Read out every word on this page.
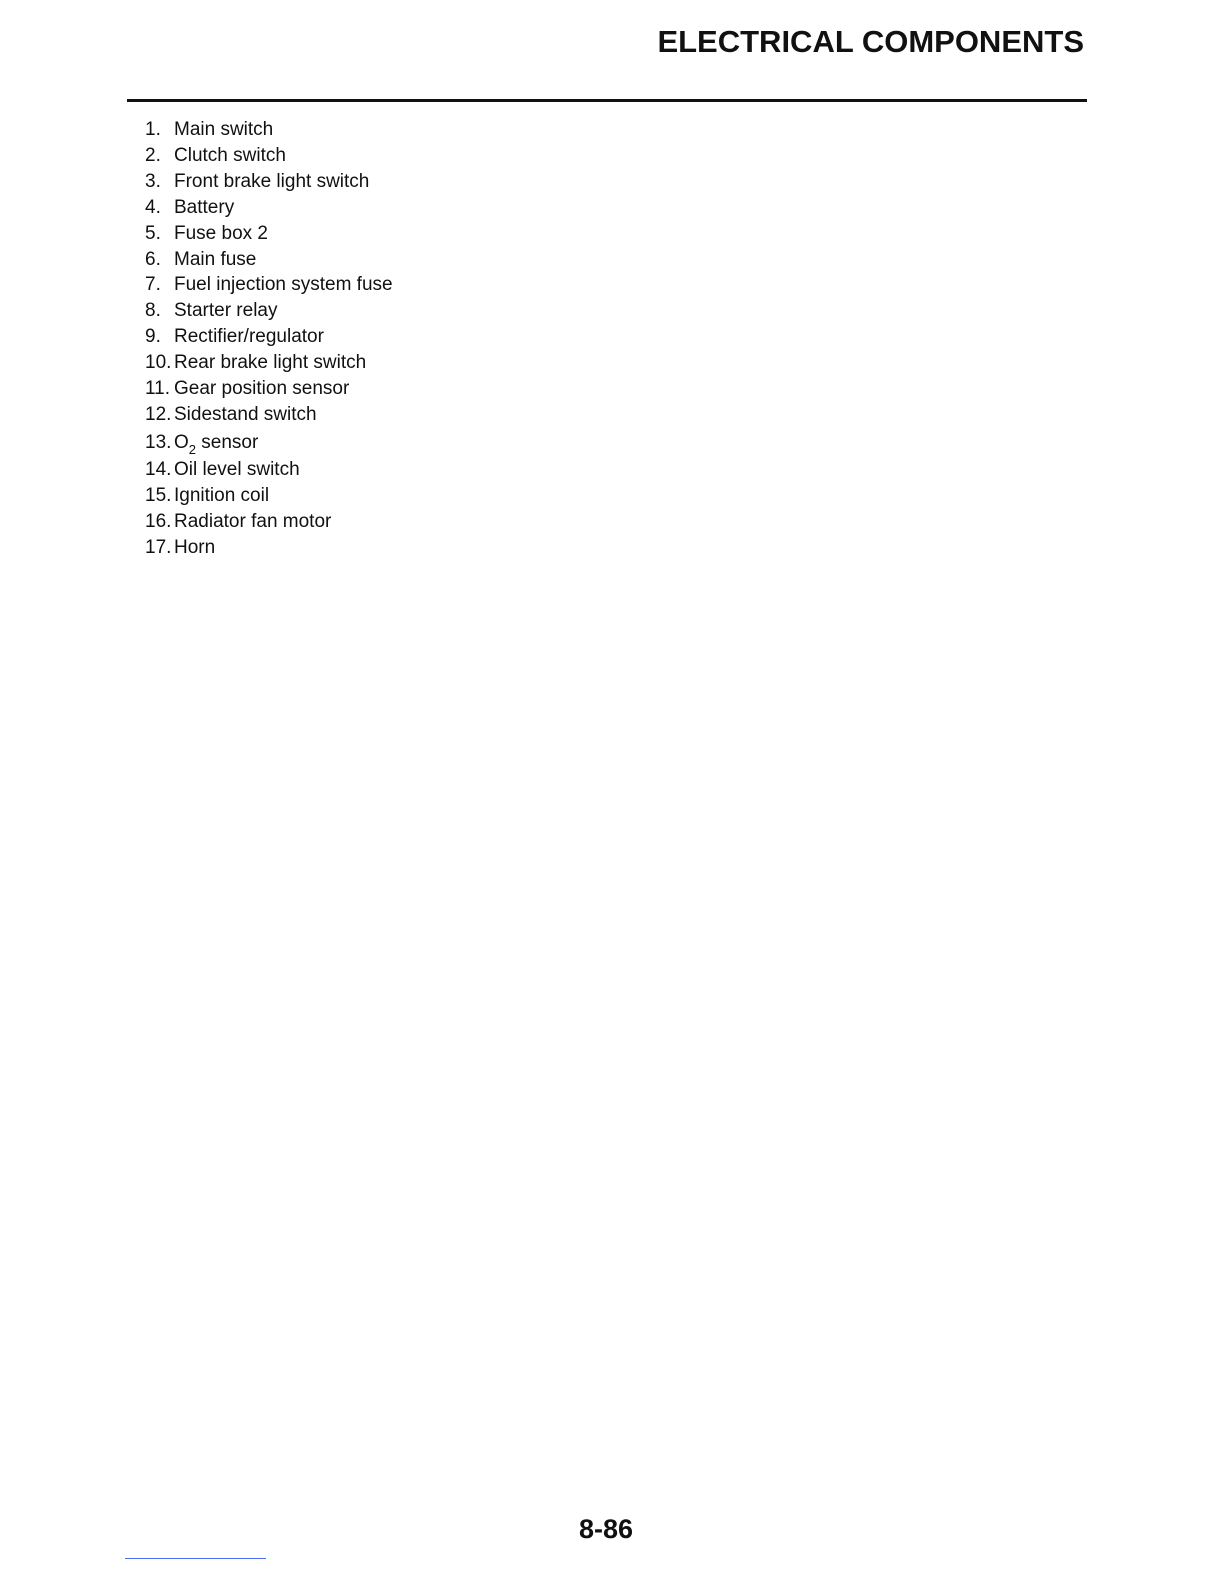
ELECTRICAL COMPONENTS
1. Main switch
2. Clutch switch
3. Front brake light switch
4. Battery
5. Fuse box 2
6. Main fuse
7. Fuel injection system fuse
8. Starter relay
9. Rectifier/regulator
10. Rear brake light switch
11. Gear position sensor
12. Sidestand switch
13. $O_2$ sensor
14. Oil level switch
15. Ignition coil
16. Radiator fan motor
17. Horn
8-86
